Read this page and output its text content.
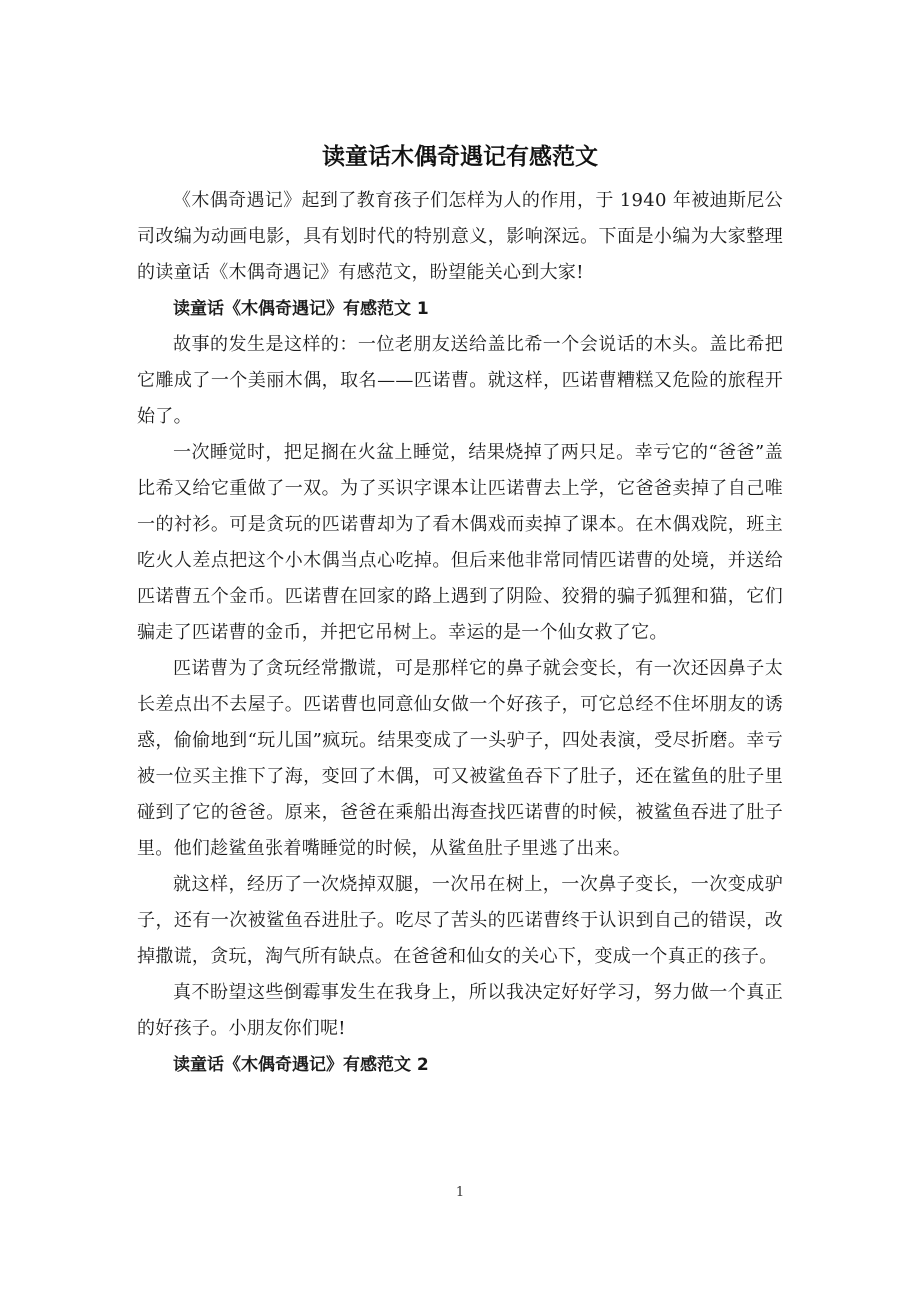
读童话木偶奇遇记有感范文

《木偶奇遇记》起到了教育孩子们怎样为人的作用，于 1940 年被迪斯尼公司改编为动画电影，具有划时代的特别意义，影响深远。下面是小编为大家整理的读童话《木偶奇遇记》有感范文，盼望能关心到大家!

读童话《木偶奇遇记》有感范文 1

故事的发生是这样的：一位老朋友送给盖比希一个会说话的木头。盖比希把它雕成了一个美丽木偶，取名——匹诺曹。就这样，匹诺曹糟糕又危险的旅程开始了。

一次睡觉时，把足搁在火盆上睡觉，结果烧掉了两只足。幸亏它的“爸爸”盖比希又给它重做了一双。为了买识字课本让匹诺曹去上学，它爸爸卖掉了自己唯一的衬衫。可是贪玩的匹诺曹却为了看木偶戏而卖掉了课本。在木偶戏院，班主吃火人差点把这个小木偶当点心吃掉。但后来他非常同情匹诺曹的处境，并送给匹诺曹五个金币。匹诺曹在回家的路上遇到了阴险、狡猾的骗子狐狸和猫，它们骗走了匹诺曹的金币，并把它吊树上。幸运的是一个仙女救了它。

匹诺曹为了贪玩经常撒谎，可是那样它的鼻子就会变长，有一次还因鼻子太长差点出不去屋子。匹诺曹也同意仙女做一个好孩子，可它总经不住坏朋友的诱惑，偷偷地到“玩儿国”疯玩。结果变成了一头驴子，四处表演，受尽折磨。幸亏被一位买主推下了海，变回了木偶，可又被鲨鱼吞下了肚子，还在鲨鱼的肚子里碰到了它的爸爸。原来，爸爸在乘船出海查找匹诺曹的时候，被鲨鱼吞进了肚子里。他们趁鲨鱼张着嘴睡觉的时候，从鲨鱼肚子里逃了出来。

就这样，经历了一次烧掉双腿，一次吊在树上，一次鼻子变长，一次变成驴子，还有一次被鲨鱼吞进肚子。吃尽了苦头的匹诺曹终于认识到自己的错误，改掉撒谎，贪玩，淘气所有缺点。在爸爸和仙女的关心下，变成一个真正的孩子。

真不盼望这些倒霉事发生在我身上，所以我决定好好学习，努力做一个真正的好孩子。小朋友你们呢!

读童话《木偶奇遇记》有感范文 2

1
